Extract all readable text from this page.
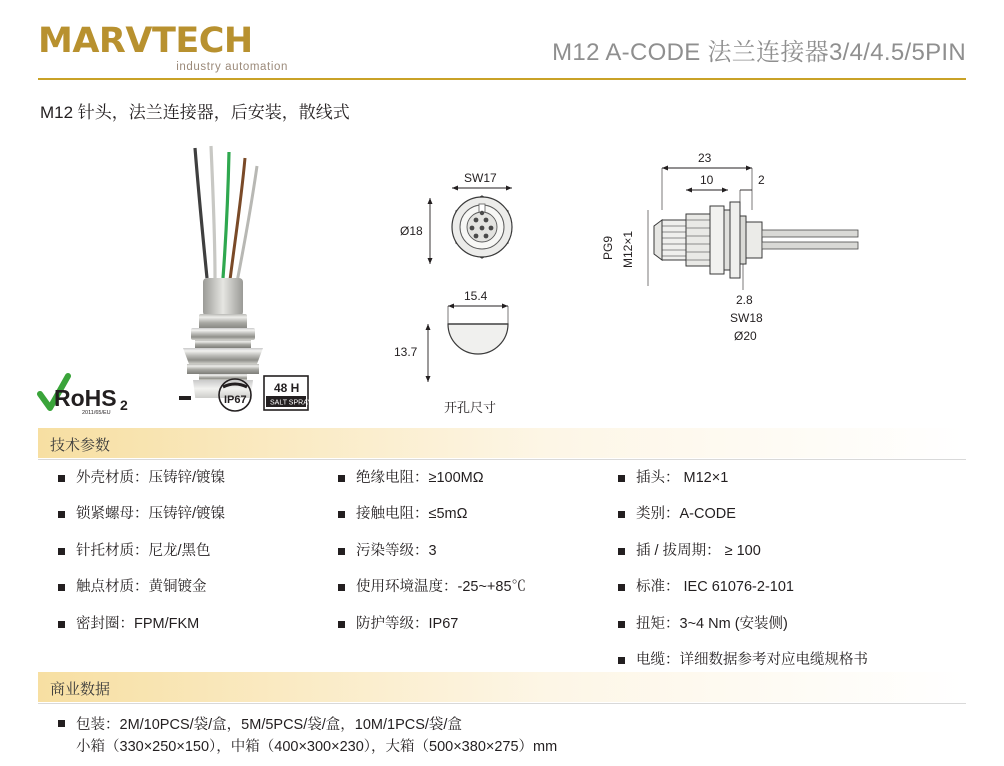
MARVTECH
industry automation
M12 A-CODE 法兰连接器3/4/4.5/5PIN
M12 针头，法兰连接器，后安装，散线式
SW17
Ø18
15.4
13.7
开孔尺寸
23
10	2
PG9 M12×1
2.8
SW18
Ø20
RoHS 2
2011/65/EU
IP67
48 H
SALT SPRAY
技术参数
外壳材质：压铸锌/镀镍
锁紧螺母：压铸锌/镀镍
针托材质：尼龙/黑色
触点材质：黄铜镀金
密封圈：FPM/FKM
绝缘电阻：≥100MΩ
接触电阻：≤5mΩ
污染等级：3
使用环境温度：-25~+85℃
防护等级：IP67
插头： M12×1
类别：A-CODE
插 / 拔周期： ≥ 100
标准： IEC 61076-2-101
扭矩：3~4 Nm (安装侧)
电缆：详细数据参考对应电缆规格书
商业数据
包装：2M/10PCS/袋/盒，5M/5PCS/袋/盒，10M/1PCS/袋/盒
小箱（330×250×150），中箱（400×300×230），大箱（500×380×275）mm
